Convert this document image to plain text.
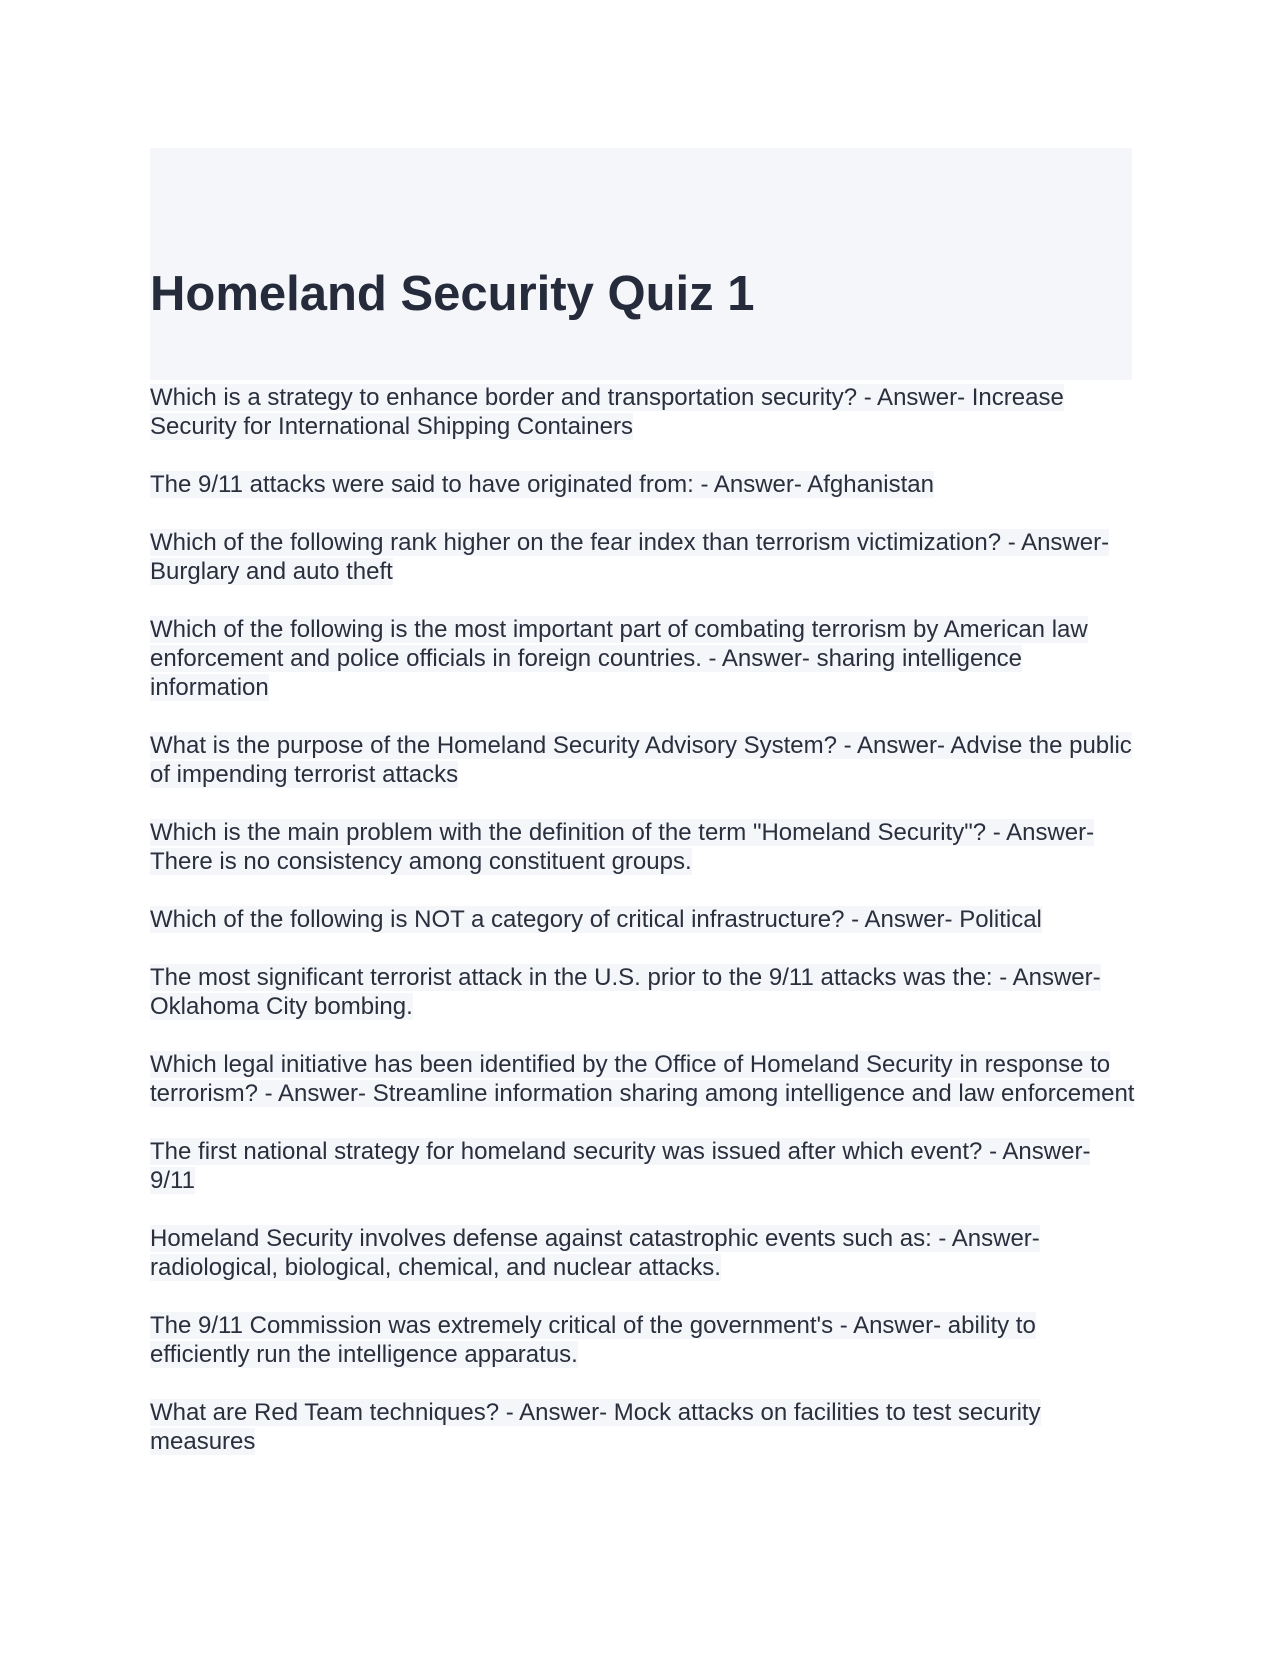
Homeland Security Quiz 1
Which is a strategy to enhance border and transportation security? - Answer- Increase Security for International Shipping Containers
The 9/11 attacks were said to have originated from: - Answer- Afghanistan
Which of the following rank higher on the fear index than terrorism victimization? - Answer- Burglary and auto theft
Which of the following is the most important part of combating terrorism by American law enforcement and police officials in foreign countries. - Answer- sharing intelligence information
What is the purpose of the Homeland Security Advisory System? - Answer- Advise the public of impending terrorist attacks
Which is the main problem with the definition of the term "Homeland Security"? - Answer- There is no consistency among constituent groups.
Which of the following is NOT a category of critical infrastructure? - Answer- Political
The most significant terrorist attack in the U.S. prior to the 9/11 attacks was the: - Answer- Oklahoma City bombing.
Which legal initiative has been identified by the Office of Homeland Security in response to terrorism? - Answer- Streamline information sharing among intelligence and law enforcement
The first national strategy for homeland security was issued after which event? - Answer- 9/11
Homeland Security involves defense against catastrophic events such as: - Answer- radiological, biological, chemical, and nuclear attacks.
The 9/11 Commission was extremely critical of the government's - Answer- ability to efficiently run the intelligence apparatus.
What are Red Team techniques? - Answer- Mock attacks on facilities to test security measures
